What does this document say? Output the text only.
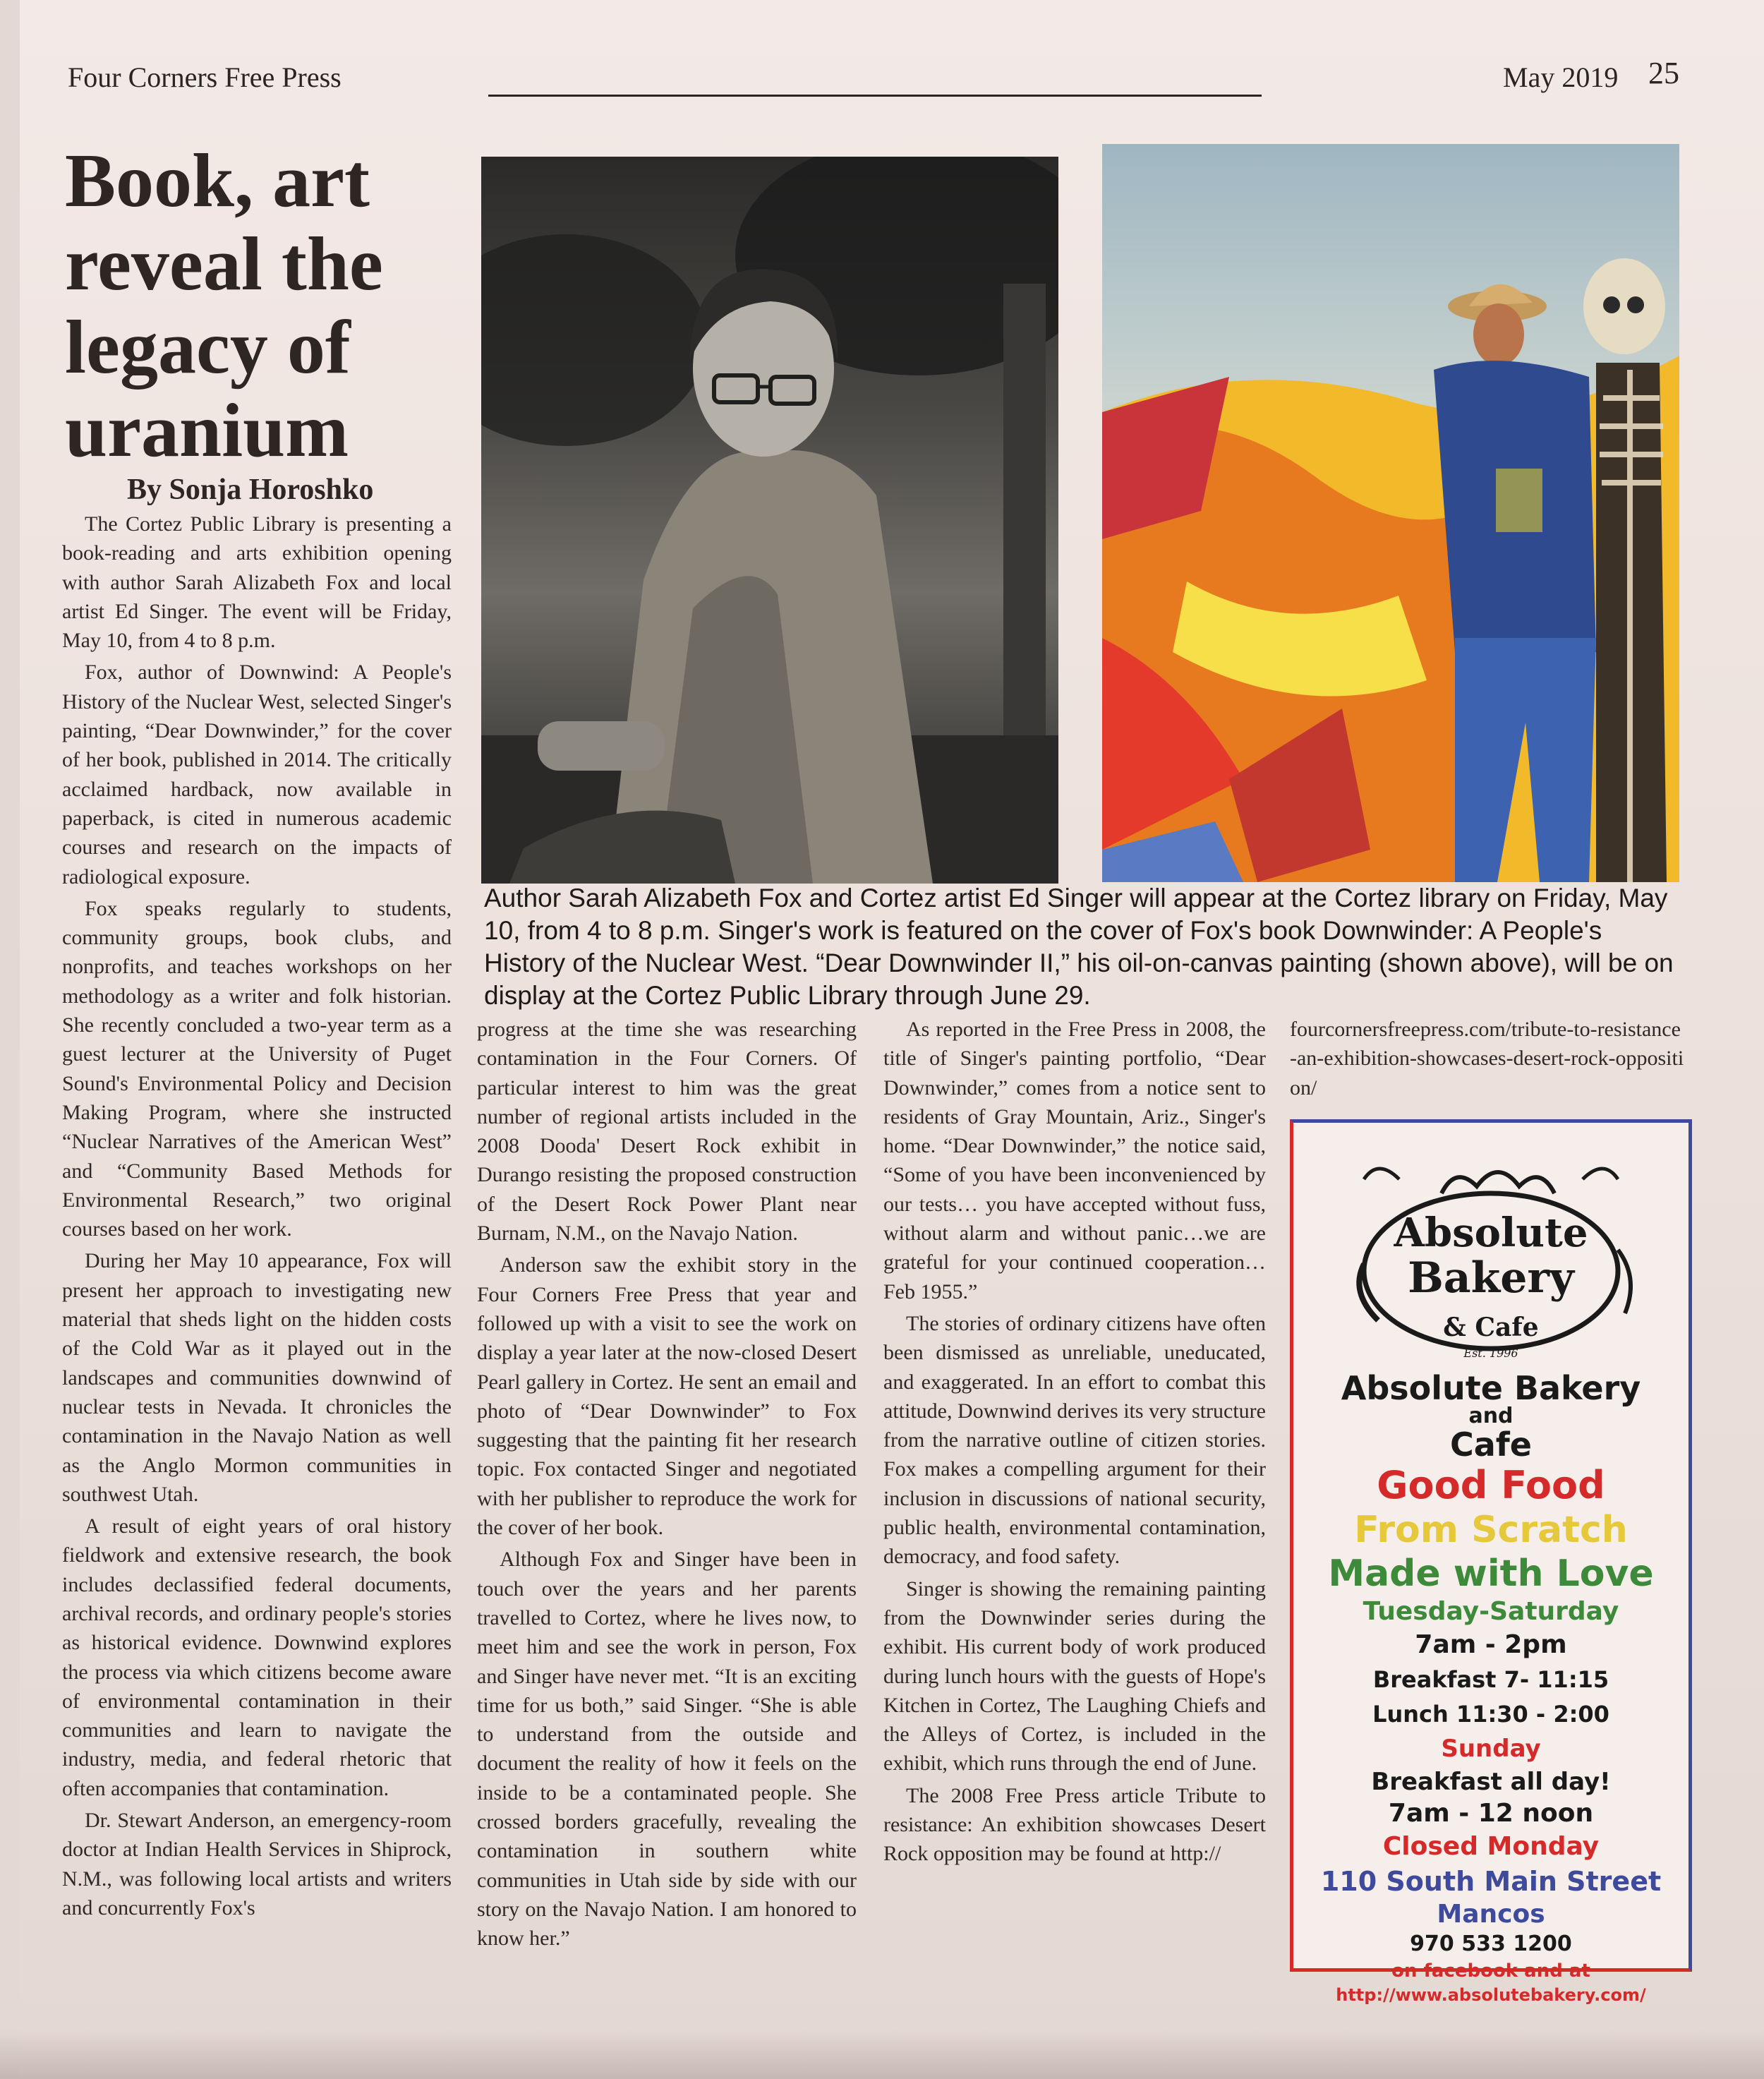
Four Corners Free Press	May 2019 25
Book, art
reveal the
legacy of
uranium
By Sonja Horoshko

The Cortez Public Library is presenting a book-reading and arts exhibition opening with author Sarah Alizabeth Fox and local artist Ed Singer. The event will be Friday, May 10, from 4 to 8 p.m.

Fox, author of Downwind: A People's History of the Nuclear West, selected Singer's painting, “Dear Downwinder,” for the cover of her book, published in 2014. The critically acclaimed hardback, now available in paperback, is cited in numerous academic courses and research on the impacts of radiological exposure.

Fox speaks regularly to students, community groups, book clubs, and nonprofits, and teaches workshops on her methodology as a writer and folk historian. She recently concluded a two-year term as a guest lecturer at the University of Puget Sound's Environmental Policy and Decision Making Program, where she instructed “Nuclear Narratives of the American West” and “Community Based Methods for Environmental Research,” two original courses based on her work.

During her May 10 appearance, Fox will present her approach to investigating new material that sheds light on the hidden costs of the Cold War as it played out in the landscapes and communities downwind of nuclear tests in Nevada. It chronicles the contamination in the Navajo Nation as well as the Anglo Mormon communities in southwest Utah.

A result of eight years of oral history fieldwork and extensive research, the book includes declassified federal documents, archival records, and ordinary people's stories as historical evidence. Downwind explores the process via which citizens become aware of environmental contamination in their communities and learn to navigate the industry, media, and federal rhetoric that often accompanies that contamination.

Dr. Stewart Anderson, an emergency-room doctor at Indian Health Services in Shiprock, N.M., was following local artists and writers and concurrently Fox's

Author Sarah Alizabeth Fox and Cortez artist Ed Singer will appear at the Cortez library on Friday, May 10, from 4 to 8 p.m. Singer's work is featured on the cover of Fox's book Downwinder: A People's History of the Nuclear West. “Dear Downwinder II,” his oil-on-canvas painting (shown above), will be on display at the Cortez Public Library through June 29.

progress at the time she was researching contamination in the Four Corners. Of particular interest to him was the great number of regional artists included in the 2008 Dooda' Desert Rock exhibit in Durango resisting the proposed construction of the Desert Rock Power Plant near Burnam, N.M., on the Navajo Nation.

Anderson saw the exhibit story in the Four Corners Free Press that year and followed up with a visit to see the work on display a year later at the now-closed Desert Pearl gallery in Cortez. He sent an email and photo of “Dear Downwinder” to Fox suggesting that the painting fit her research topic. Fox contacted Singer and negotiated with her publisher to reproduce the work for the cover of her book.

Although Fox and Singer have been in touch over the years and her parents travelled to Cortez, where he lives now, to meet him and see the work in person, Fox and Singer have never met. “It is an exciting time for us both,” said Singer. “She is able to understand from the outside and document the reality of how it feels on the inside to be a contaminated people. She crossed borders gracefully, revealing the contamination in southern white communities in Utah side by side with our story on the Navajo Nation. I am honored to know her.”

As reported in the Free Press in 2008, the title of Singer's painting portfolio, “Dear Downwinder,” comes from a notice sent to residents of Gray Mountain, Ariz., Singer's home. “Dear Downwinder,” the notice said, “Some of you have been inconvenienced by our tests… you have accepted without fuss, without alarm and without panic…we are grateful for your continued cooperation… Feb 1955.”

The stories of ordinary citizens have often been dismissed as unreliable, uneducated, and exaggerated. In an effort to combat this attitude, Downwind derives its very structure from the narrative outline of citizen stories. Fox makes a compelling argument for their inclusion in discussions of national security, public health, environmental contamination, democracy, and food safety.

Singer is showing the remaining painting from the Downwinder series during the exhibit. His current body of work produced during lunch hours with the guests of Hope's Kitchen in Cortez, The Laughing Chiefs and the Alleys of Cortez, is included in the exhibit, which runs through the end of June.

The 2008 Free Press article Tribute to resistance: An exhibition showcases Desert Rock opposition may be found at http://

fourcornersfreepress.com/tribute-to-resistance-an-exhibition-showcases-desert-rock-opposition/

Absolute
Bakery
& Cafe
Est. 1996
Absolute Bakery
and
Cafe
Good Food
From Scratch
Made with Love
Tuesday-Saturday
7am - 2pm
Breakfast 7- 11:15
Lunch 11:30 - 2:00
Sunday
Breakfast all day!
7am - 12 noon
Closed Monday
110 South Main Street
Mancos
970 533 1200
on facebook and at
http://www.absolutebakery.com/
